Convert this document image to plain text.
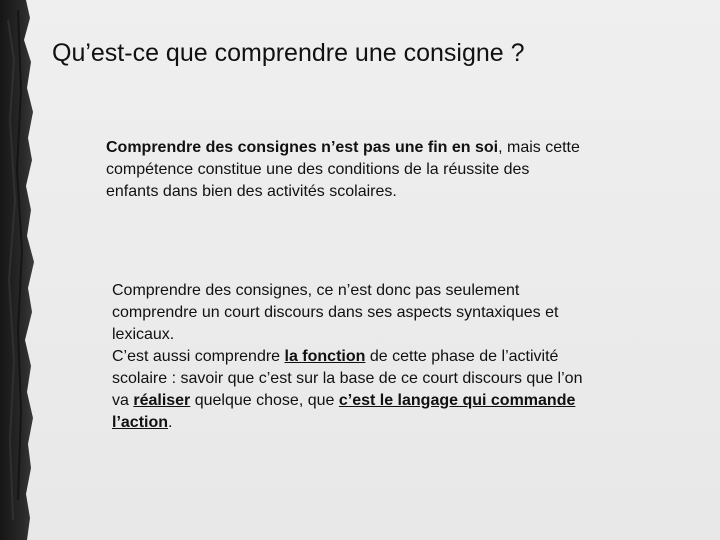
Qu’est-ce que comprendre une consigne ?
Comprendre des consignes n’est pas une fin en soi, mais cette
compétence constitue une des conditions de la réussite des
enfants dans bien des activités scolaires.
Comprendre des consignes, ce n’est donc pas seulement
comprendre un court discours dans ses aspects syntaxiques et
lexicaux.
C’est aussi comprendre la fonction de cette phase de l’activité
scolaire : savoir que c’est sur la base de ce court discours que l’on
va réaliser quelque chose, que c’est le langage qui commande
l’action.
